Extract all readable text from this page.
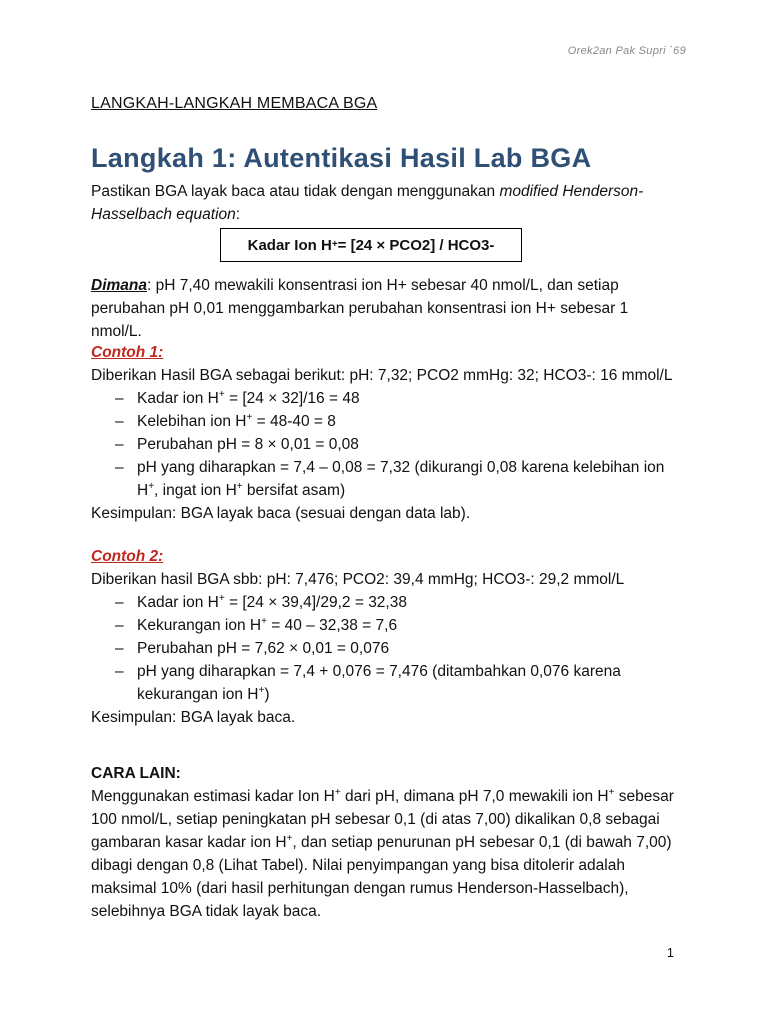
Orek2an Pak Supri `69
LANGKAH-LANGKAH MEMBACA BGA
Langkah 1: Autentikasi Hasil Lab BGA
Pastikan BGA layak baca atau tidak dengan menggunakan modified Henderson-Hasselbach equation:
Kadar Ion H + = [24 × PCO2] / HCO3-
Dimana: pH 7,40 mewakili konsentrasi ion H+ sebesar 40 nmol/L, dan setiap perubahan pH 0,01 menggambarkan perubahan konsentrasi ion H+ sebesar 1 nmol/L.
Contoh 1:
Diberikan Hasil BGA sebagai berikut: pH: 7,32; PCO2 mmHg: 32; HCO3-: 16 mmol/L
– Kadar ion H+ = [24 × 32]/16 = 48
– Kelebihan ion H+ = 48-40 = 8
– Perubahan pH = 8 × 0,01 = 0,08
– pH yang diharapkan = 7,4 – 0,08 = 7,32 (dikurangi 0,08 karena kelebihan ion H+, ingat ion H+ bersifat asam)
Kesimpulan: BGA layak baca (sesuai dengan data lab).
Contoh 2:
Diberikan hasil BGA sbb: pH: 7,476; PCO2: 39,4 mmHg; HCO3-: 29,2 mmol/L
– Kadar ion H+ = [24 × 39,4]/29,2 = 32,38
– Kekurangan ion H+ = 40 – 32,38 = 7,6
– Perubahan pH = 7,62 × 0,01 = 0,076
– pH yang diharapkan = 7,4 + 0,076 = 7,476 (ditambahkan 0,076 karena kekurangan ion H+)
Kesimpulan: BGA layak baca.
CARA LAIN:
Menggunakan estimasi kadar Ion H+ dari pH, dimana pH 7,0 mewakili ion H+ sebesar 100 nmol/L, setiap peningkatan pH sebesar 0,1 (di atas 7,00) dikalikan 0,8 sebagai gambaran kasar kadar ion H+, dan setiap penurunan pH sebesar 0,1 (di bawah 7,00) dibagi dengan 0,8 (Lihat Tabel). Nilai penyimpangan yang bisa ditolerir adalah maksimal 10% (dari hasil perhitungan dengan rumus Henderson-Hasselbach), selebihnya BGA tidak layak baca.
1
